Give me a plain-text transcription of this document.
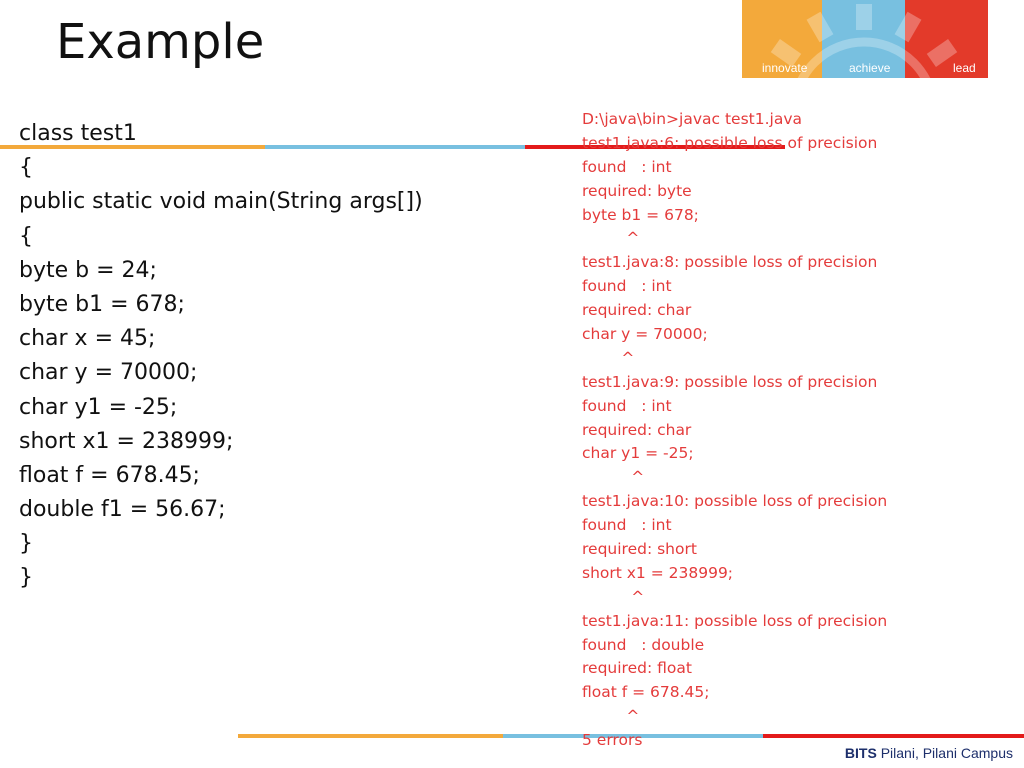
Example	innovate	achieve	lead
class test1
{
public static void main(String args[])
{
byte b = 24;
byte b1 = 678;
char x = 45;
char y = 70000;
char y1 = -25;
short x1 = 238999;
float f = 678.45;
double f1 = 56.67;
}
}
D:\java\bin>javac test1.java
test1.java:6: possible loss of precision
found   : int
required: byte
byte b1 = 678;
^
test1.java:8: possible loss of precision
found   : int
required: char
char y = 70000;
^
test1.java:9: possible loss of precision
found   : int
required: char
char y1 = -25;
^
test1.java:10: possible loss of precision
found   : int
required: short
short x1 = 238999;
^
test1.java:11: possible loss of precision
found   : double
required: float
float f = 678.45;
^
5 errors
BITS Pilani, Pilani Campus
